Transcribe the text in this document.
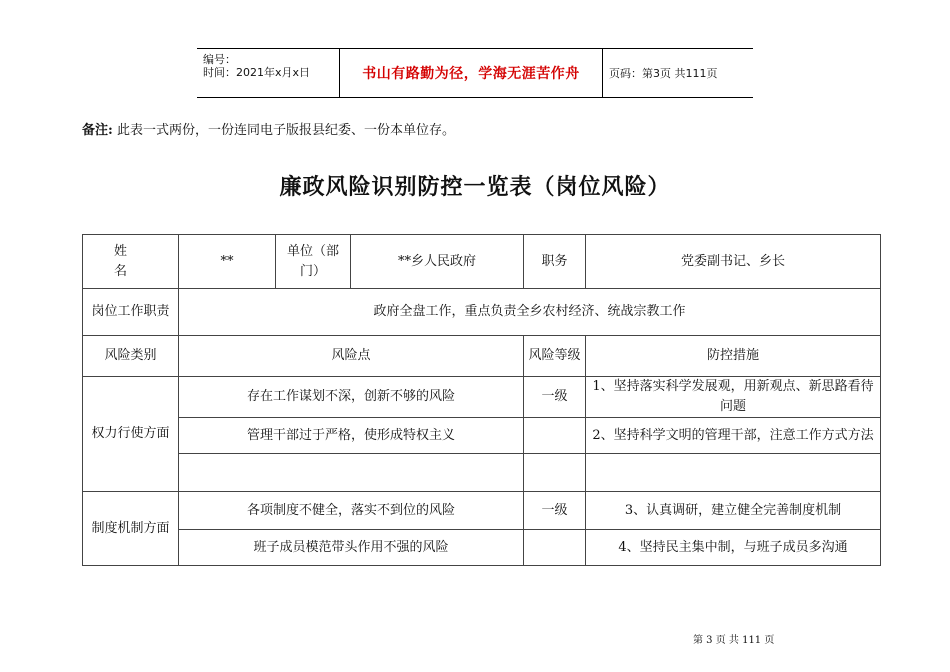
编号：
时间：2021年x月x日	书山有路勤为径，学海无涯苦作舟	页码：第3页 共111页
备注: 此表一式两份，一份连同电子版报县纪委、一份本单位存。
廉政风险识别防控一览表（岗位风险）
姓 名	**	单位（部门）	**乡人民政府	职务	党委副书记、乡长
岗位工作职责	政府全盘工作，重点负责全乡农村经济、统战宗教工作				
风险类别	风险点			风险等级	防控措施
权力行使方面	存在工作谋划不深，创新不够的风险			一级	1、坚持落实科学发展观，用新观点、新思路看待问题
	管理干部过于严格，使形成特权主义				2、坚持科学文明的管理干部，注意工作方式方法

制度机制方面	各项制度不健全，落实不到位的风险			一级	3、认真调研，建立健全完善制度机制
	班子成员模范带头作用不强的风险				4、坚持民主集中制，与班子成员多沟通
第 3 页 共 111 页
